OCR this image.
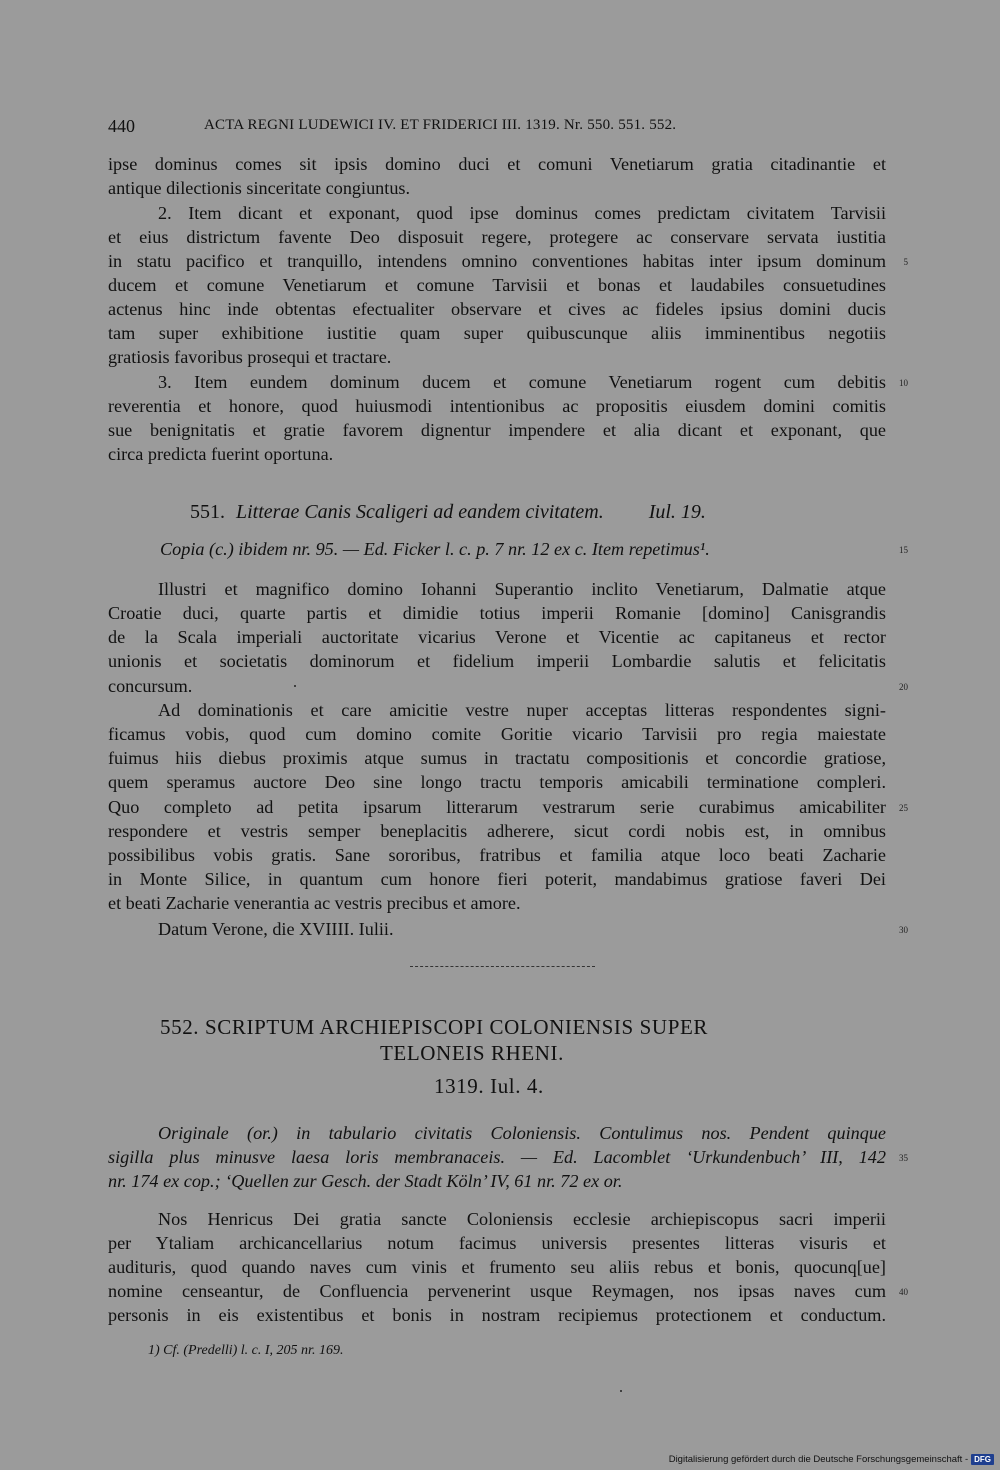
440	ACTA REGNI LUDEWICI IV. ET FRIDERICI III. 1319. Nr. 550. 551. 552.
ipse dominus comes sit ipsis domino duci et comuni Venetiarum gratia citadinantie et
antique dilectionis sinceritate congiuntus.
2. Item dicant et exponant, quod ipse dominus comes predictam civitatem Tarvisii
et eius districtum favente Deo disposuit regere, protegere ac conservare servata iustitia
in statu pacifico et tranquillo, intendens omnino conventiones habitas inter ipsum dominum	5
ducem et comune Venetiarum et comune Tarvisii et bonas et laudabiles consuetudines
actenus hinc inde obtentas efectualiter observare et cives ac fideles ipsius domini ducis
tam super exhibitione iustitie quam super quibuscunque aliis imminentibus negotiis
gratiosis favoribus prosequi et tractare.
3. Item eundem dominum ducem et comune Venetiarum rogent cum debitis	10
reverentia et honore, quod huiusmodi intentionibus ac propositis eiusdem domini comitis
sue benignitatis et gratie favorem dignentur impendere et alia dicant et exponant, que
circa predicta fuerint oportuna.
551. Litterae Canis Scaligeri ad eandem civitatem. Iul. 19.
Copia (c.) ibidem nr. 95. — Ed. Ficker l. c. p. 7 nr. 12 ex c. Item repetimus¹.	15
Illustri et magnifico domino Iohanni Superantio inclito Venetiarum, Dalmatie atque
Croatie duci, quarte partis et dimidie totius imperii Romanie [domino] Canisgrandis
de la Scala imperiali auctoritate vicarius Verone et Vicentie ac capitaneus et rector
unionis et societatis dominorum et fidelium imperii Lombardie salutis et felicitatis
concursum.	20
Ad dominationis et care amicitie vestre nuper acceptas litteras respondentes signi-
ficamus vobis, quod cum domino comite Goritie vicario Tarvisii pro regia maiestate
fuimus hiis diebus proximis atque sumus in tractatu compositionis et concordie gratiose,
quem speramus auctore Deo sine longo tractu temporis amicabili terminatione compleri.
Quo completo ad petita ipsarum litterarum vestrarum serie curabimus amicabiliter	25
respondere et vestris semper beneplacitis adherere, sicut cordi nobis est, in omnibus
possibilibus vobis gratis. Sane sororibus, fratribus et familia atque loco beati Zacharie
in Monte Silice, in quantum cum honore fieri poterit, mandabimus gratiose faveri Dei
et beati Zacharie venerantia ac vestris precibus et amore.
Datum Verone, die XVIIII. Iulii.	30
552. SCRIPTUM ARCHIEPISCOPI COLONIENSIS SUPER
TELONEIS RHENI.
1319. Iul. 4.
Originale (or.) in tabulario civitatis Coloniensis. Contulimus nos. Pendent quinque
sigilla plus minusve laesa loris membranaceis. — Ed. Lacomblet ‘Urkundenbuch’ III, 142	35
nr. 174 ex cop.; ‘Quellen zur Gesch. der Stadt Köln’ IV, 61 nr. 72 ex or.
Nos Henricus Dei gratia sancte Coloniensis ecclesie archiepiscopus sacri imperii
per Ytaliam archicancellarius notum facimus universis presentes litteras visuris et
audituris, quod quando naves cum vinis et frumento seu aliis rebus et bonis, quocunq[ue]
nomine censeantur, de Confluencia pervenerint usque Reymagen, nos ipsas naves cum	40
personis in eis existentibus et bonis in nostram recipiemus protectionem et conductum.
1) Cf. (Predelli) l. c. I, 205 nr. 169.
Digitalisierung gefördert durch die Deutsche Forschungsgemeinschaft - DFG
